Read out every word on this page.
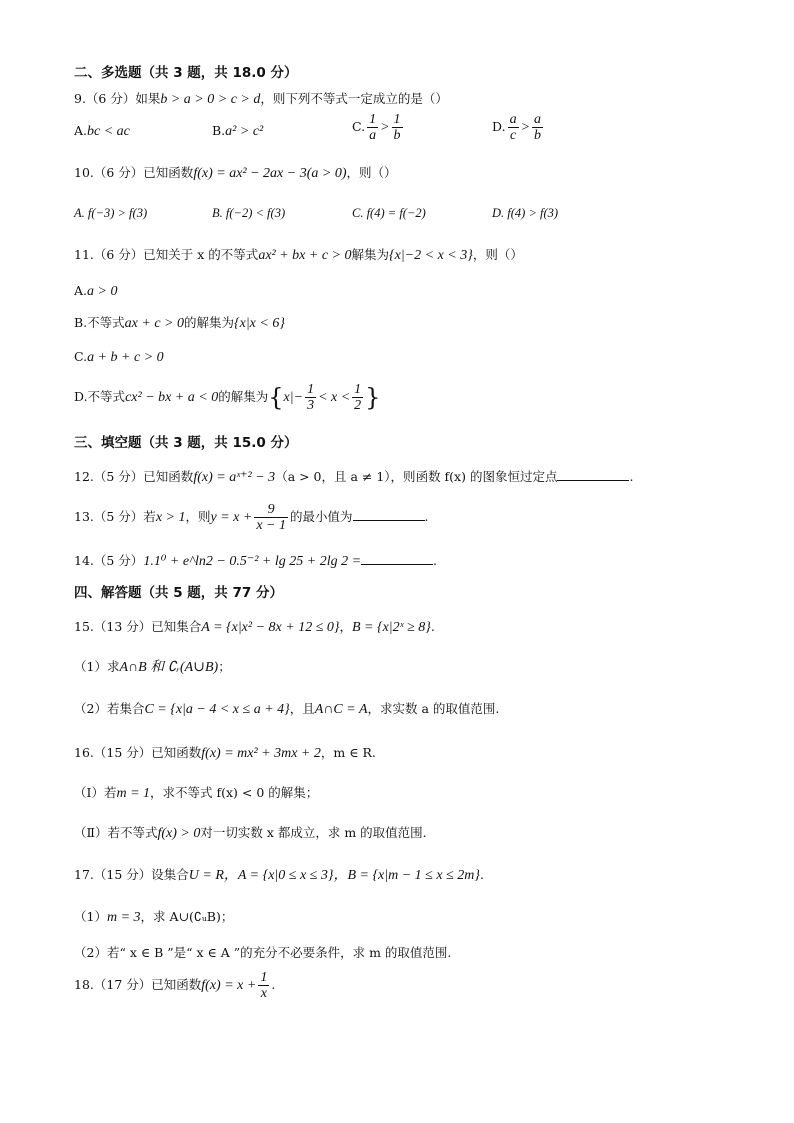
二、多选题（共 3 题，共 18.0 分）
9.（6 分）如果b > a > 0 > c > d，则下列不等式一定成立的是（）
A.bc < ac	B.a² > c²	C. $\frac{1}{a} > \frac{1}{b}$	D. $\frac{a}{c} > \frac{a}{b}$
10.（6 分）已知函数f(x) = ax² − 2ax − 3(a > 0)，则（）
A. f(−3) > f(3)	B. f(−2) < f(3)	C. f(4) = f(−2)	D. f(4) > f(3)
11.（6 分）已知关于 x 的不等式ax² + bx + c > 0解集为{x|−2 < x < 3}，则（）
A.a > 0
B.不等式ax + c > 0的解集为{x|x < 6}
C.a + b + c > 0
D.不等式cx² − bx + a < 0的解集为{$x|- \frac{1}{3} < x < \frac{1}{2}$ }
三、填空题（共 3 题，共 15.0 分）
12.（5 分）已知函数f(x) = aˣ⁺² − 3（a > 0，且 a ≠ 1），则函数 f(x) 的图象恒过定点	.
13.（5 分）若x > 1，则$y = x + \frac{9}{x - 1}$ 的最小值为	.
14.（5 分）1.1⁰ + e^ln2 − 0.5⁻² + lg 25 + 2lg 2 =	.
四、解答题（共 5 题，共 77 分）
15.（13 分）已知集合A = {x|x² − 8x + 12 ≤ 0}，B = {x|2ˣ ≥ 8}.
（1）求A∩B 和 ∁ᵣ(A∪B)；
（2）若集合C = {x|a − 4 < x ≤ a + 4}，且A∩C = A，求实数 a 的取值范围.
16.（15 分）已知函数f(x) = mx² + 3mx + 2，m ∈ R.
（Ⅰ）若m = 1，求不等式 f(x) < 0 的解集；
（Ⅱ）若不等式f(x) > 0对一切实数 x 都成立，求 m 的取值范围.
17.（15 分）设集合U = R，A = {x|0 ≤ x ≤ 3}，B = {x|m − 1 ≤ x ≤ 2m}.
（1）m = 3，求 A∪(∁ᵤB)；
（2）若“ x ∈ B ”是“ x ∈ A ”的充分不必要条件，求 m 的取值范围.
18.（17 分）已知函数$f(x) = x + \frac{1}{x}$ .
